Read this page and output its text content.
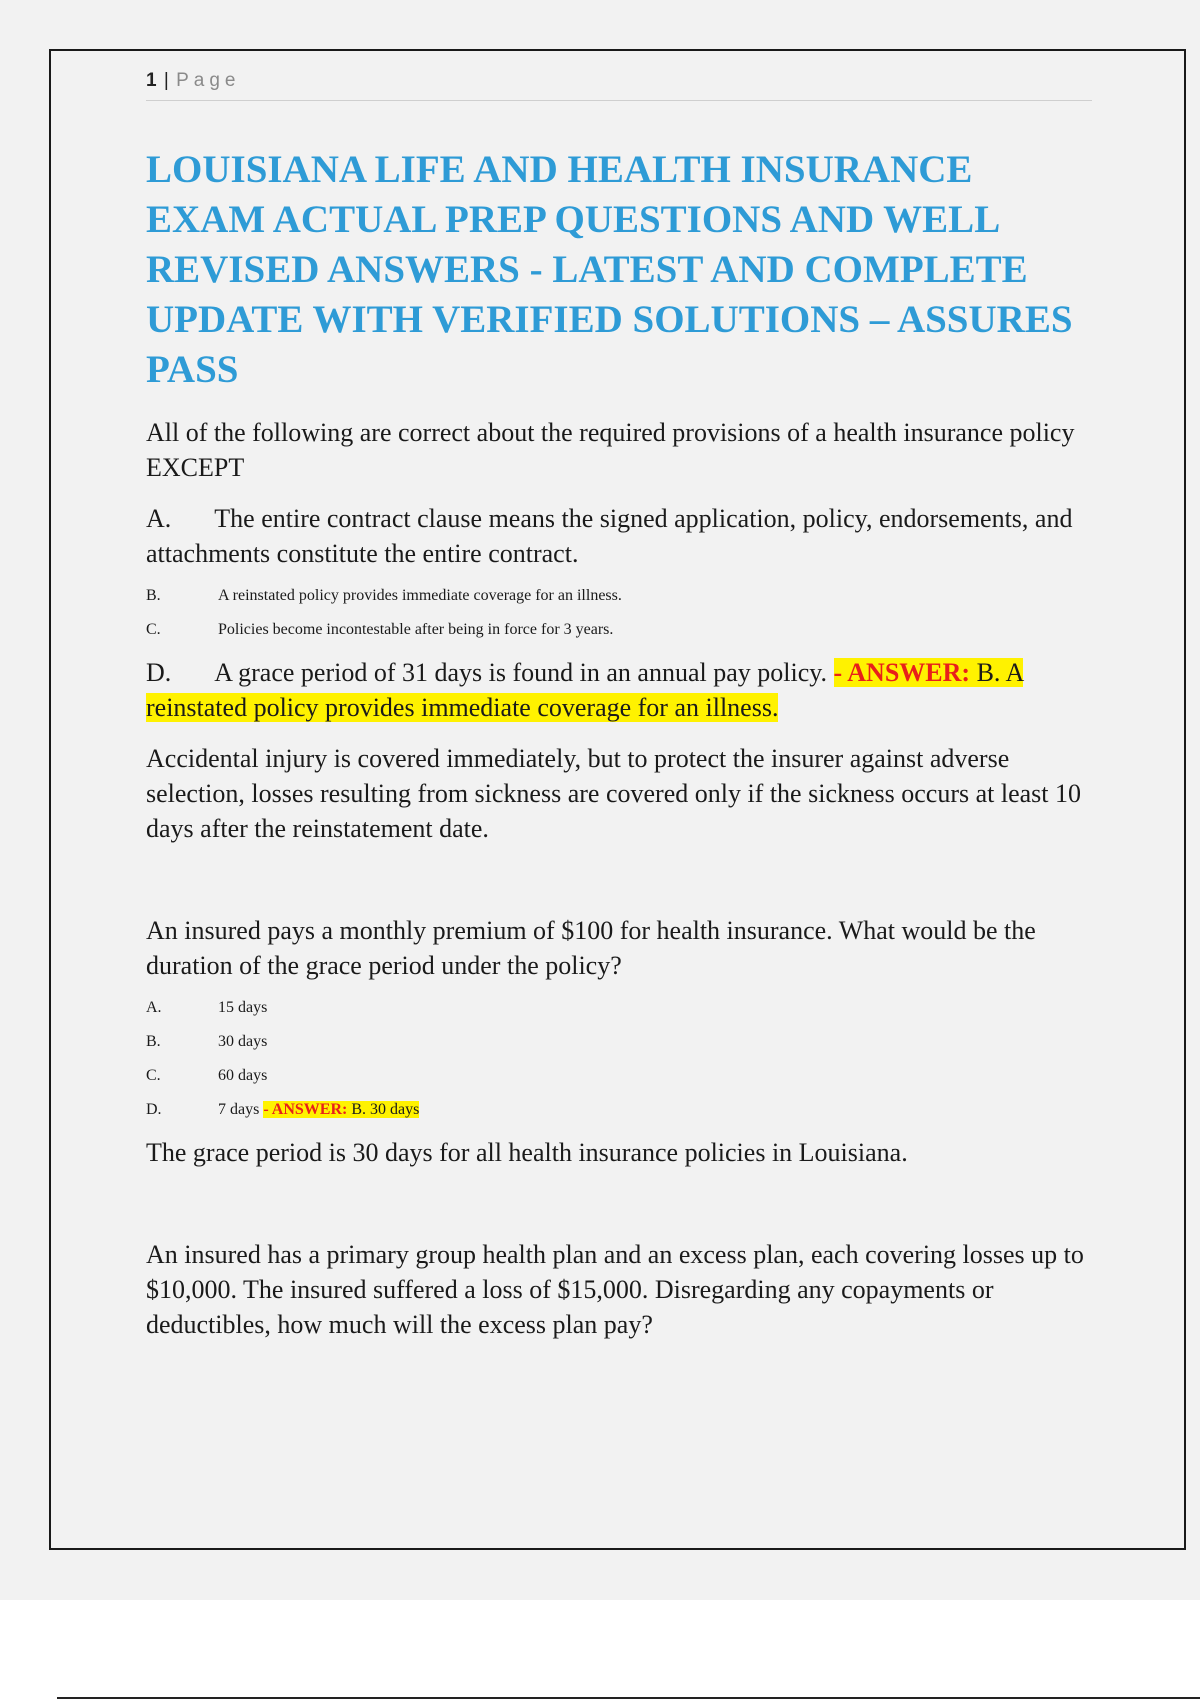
1 | Page
LOUISIANA LIFE AND HEALTH INSURANCE EXAM ACTUAL PREP QUESTIONS AND WELL REVISED ANSWERS - LATEST AND COMPLETE UPDATE WITH VERIFIED SOLUTIONS – ASSURES PASS

All of the following are correct about the required provisions of a health insurance policy EXCEPT

A. The entire contract clause means the signed application, policy, endorsements, and attachments constitute the entire contract.

B.	A reinstated policy provides immediate coverage for an illness.
C.	Policies become incontestable after being in force for 3 years.

D. A grace period of 31 days is found in an annual pay policy. - ANSWER: B. A reinstated policy provides immediate coverage for an illness.

Accidental injury is covered immediately, but to protect the insurer against adverse selection, losses resulting from sickness are covered only if the sickness occurs at least 10 days after the reinstatement date.

An insured pays a monthly premium of $100 for health insurance. What would be the duration of the grace period under the policy?

A.	15 days
B.	30 days
C.	60 days
D.	7 days - ANSWER: B. 30 days

The grace period is 30 days for all health insurance policies in Louisiana.

An insured has a primary group health plan and an excess plan, each covering losses up to $10,000. The insured suffered a loss of $15,000. Disregarding any copayments or deductibles, how much will the excess plan pay?
